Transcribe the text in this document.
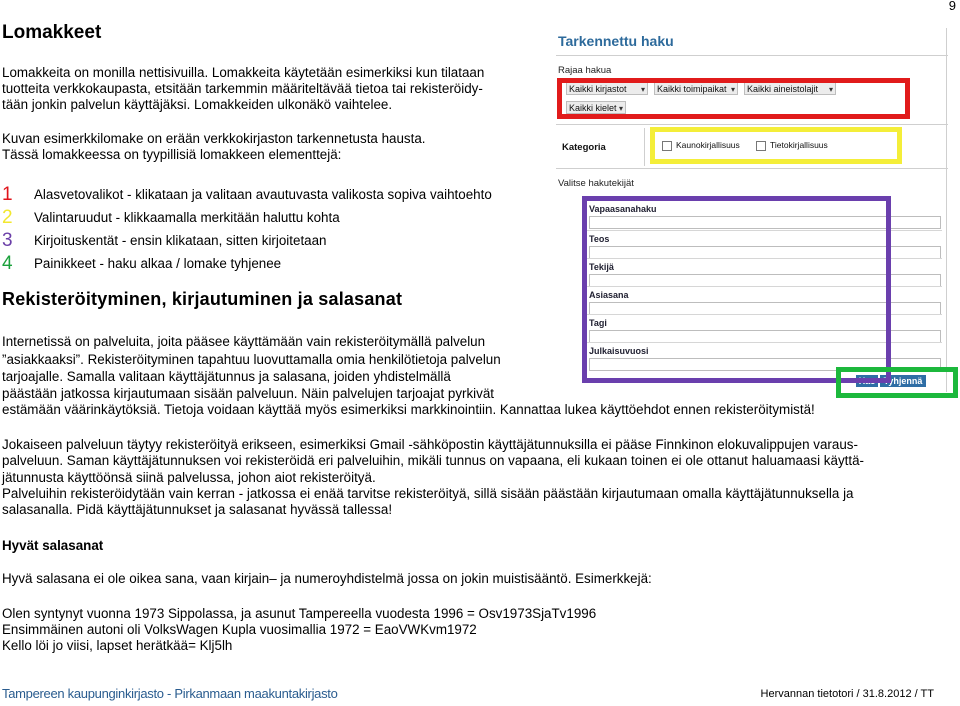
9
Lomakkeet
Lomakkeita on monilla nettisivuilla. Lomakkeita käytetään esimerkiksi kun tilataan
tuotteita verkkokaupasta, etsitään tarkemmin määriteltävää tietoa tai rekisteröidy-
tään jonkin palvelun käyttäjäksi. Lomakkeiden ulkonäkö vaihtelee.
Kuvan esimerkkilomake on erään verkkokirjaston tarkennetusta hausta.
Tässä lomakkeessa on tyypillisiä lomakkeen elementtejä:
1	Alasvetovalikot - klikataan ja valitaan avautuvasta valikosta sopiva vaihtoehto
2	Valintaruudut - klikkaamalla merkitään haluttu kohta
3	Kirjoituskentät - ensin klikataan, sitten kirjoitetaan
4	Painikkeet - haku alkaa / lomake tyhjenee
Rekisteröityminen, kirjautuminen ja salasanat
Internetissä on palveluita, joita pääsee käyttämään vain rekisteröitymällä palvelun
”asiakkaaksi”. Rekisteröityminen tapahtuu luovuttamalla omia henkilötietoja palvelun
tarjoajalle. Samalla valitaan käyttäjätunnus ja salasana, joiden yhdistelmällä
päästään jatkossa kirjautumaan sisään palveluun. Näin palvelujen tarjoajat pyrkivät
estämään väärinkäytöksiä. Tietoja voidaan käyttää myös esimerkiksi markkinointiin. Kannattaa lukea käyttöehdot ennen rekisteröitymistä!
Jokaiseen palveluun täytyy rekisteröityä erikseen, esimerkiksi Gmail -sähköpostin käyttäjätunnuksilla ei pääse Finnkinon elokuvalippujen varaus-
palveluun. Saman käyttäjätunnuksen voi rekisteröidä eri palveluihin, mikäli tunnus on vapaana, eli kukaan toinen ei ole ottanut haluamaasi käyttä-
jätunnusta käyttöönsä siinä palvelussa, johon aiot rekisteröityä.
Palveluihin rekisteröidytään vain kerran - jatkossa ei enää tarvitse rekisteröityä, sillä sisään päästään kirjautumaan omalla käyttäjätunnuksella ja
salasanalla. Pidä käyttäjätunnukset ja salasanat hyvässä tallessa!
Hyvät salasanat
Hyvä salasana ei ole oikea sana, vaan kirjain– ja numeroyhdistelmä jossa on jokin muistisääntö. Esimerkkejä:
Olen syntynyt vuonna 1973 Sippolassa, ja asunut Tampereella vuodesta 1996 = Osv1973SjaTv1996
Ensimmäinen autoni oli VolksWagen Kupla vuosimallia 1972 = EaoVWKvm1972
Kello löi jo viisi, lapset herätkää= Klj5lh
Tarkennettu haku
Rajaa hakua
Kaikki kirjastot ▾	Kaikki toimipaikat ▾	Kaikki aineistolajit ▾
Kaikki kielet ▾
Kategoria	Kaunokirjallisuus	Tietokirjallisuus
Valitse hakutekijät
Vapaasanahaku
Teos
Tekijä
Asiasana
Tagi
Julkaisuvuosi
Hae Tyhjennä
Tampereen kaupunginkirjasto - Pirkanmaan maakuntakirjasto	Hervannan tietotori / 31.8.2012 / TT
